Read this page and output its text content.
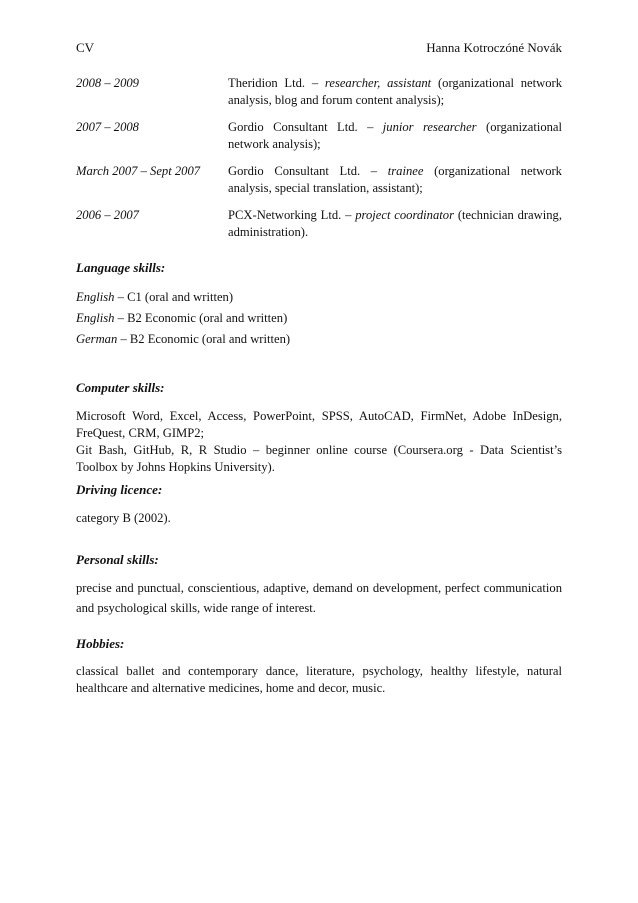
CV	Hanna Kotroczóné Novák
2008 – 2009	Theridion Ltd. – researcher, assistant (organizational network analysis, blog and forum content analysis);
2007 – 2008	Gordio Consultant Ltd. – junior researcher (organizational network analysis);
March 2007 – Sept 2007	Gordio Consultant Ltd. – trainee (organizational network analysis, special translation, assistant);
2006 – 2007	PCX-Networking Ltd. – project coordinator (technician drawing, administration).
Language skills:
English – C1 (oral and written)
English – B2 Economic (oral and written)
German – B2 Economic (oral and written)
Computer skills:
Microsoft Word, Excel, Access, PowerPoint, SPSS, AutoCAD, FirmNet, Adobe InDesign, FreQuest, CRM, GIMP2;
Git Bash, GitHub, R, R Studio – beginner online course (Coursera.org - Data Scientist’s Toolbox by Johns Hopkins University).
Driving licence:
category B (2002).
Personal skills:
precise and punctual, conscientious, adaptive, demand on development, perfect communication and psychological skills, wide range of interest.
Hobbies:
classical ballet and contemporary dance, literature, psychology, healthy lifestyle, natural healthcare and alternative medicines, home and decor, music.
